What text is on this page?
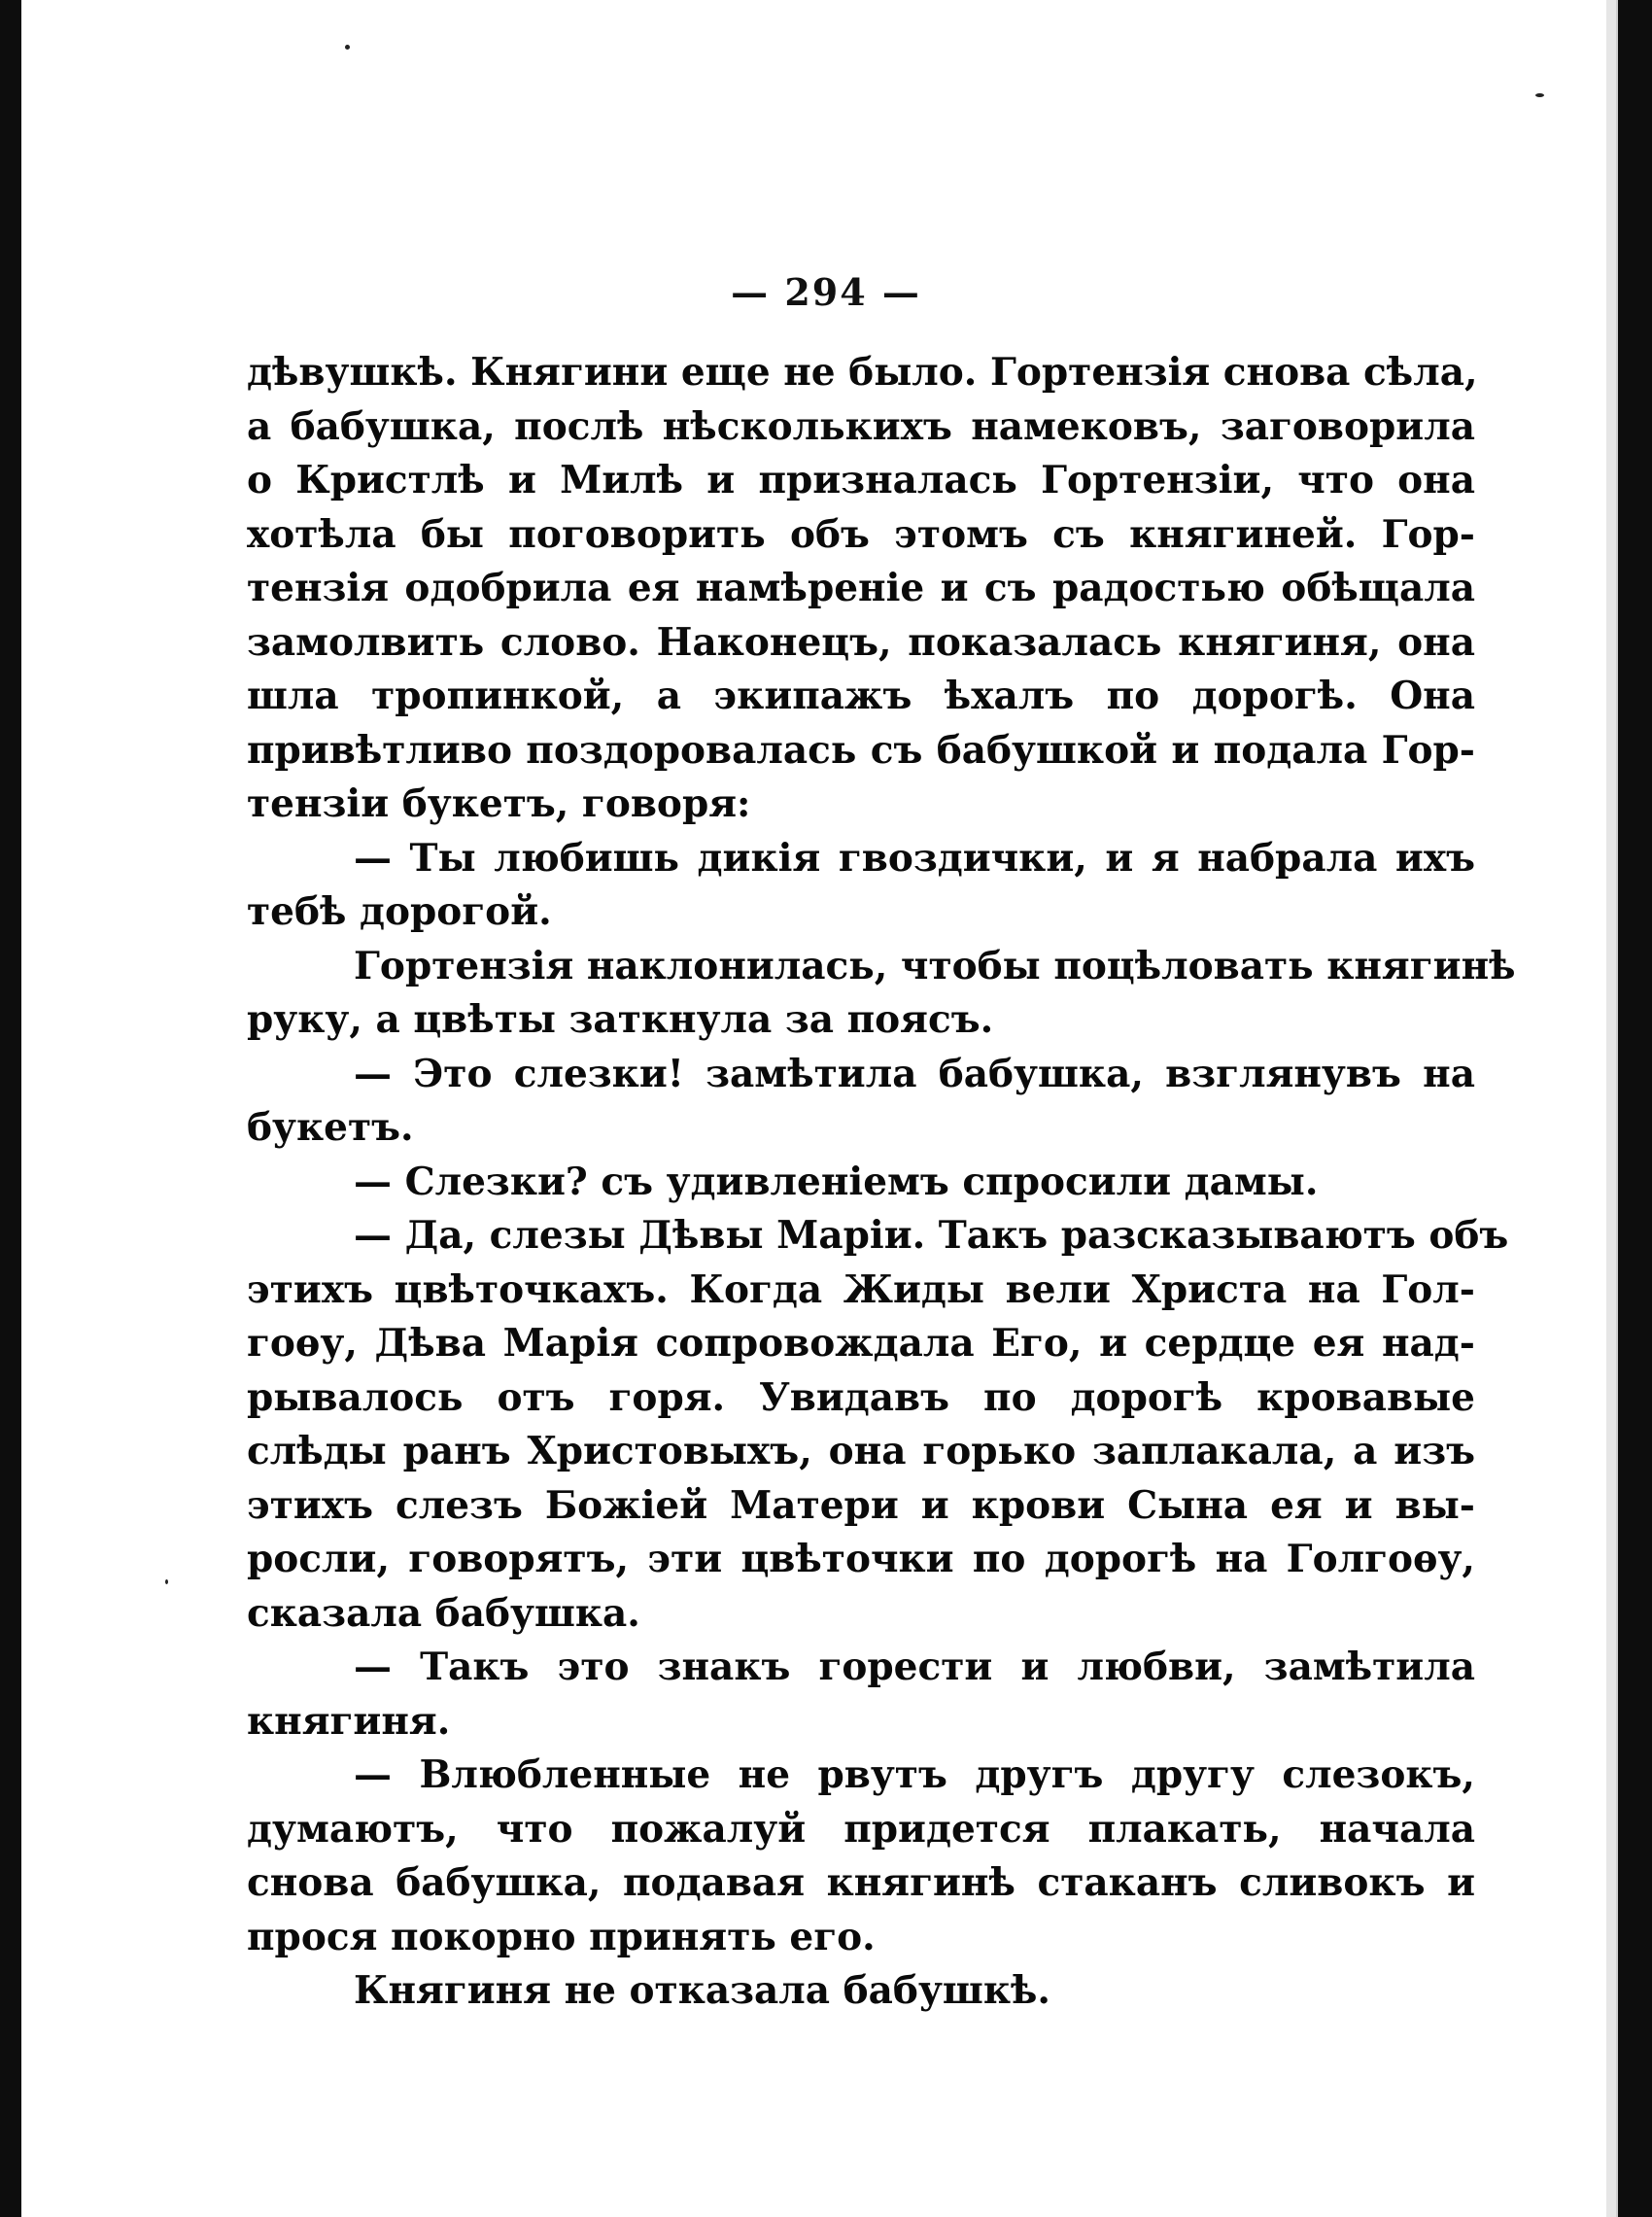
— 294 —
дѣвушкѣ. Княгини еще не было. Гортензія снова сѣла,
а бабушка, послѣ нѣсколькихъ намековъ, заговорила
о Кристлѣ и Милѣ и призналась Гортензіи, что она
хотѣла бы поговорить объ этомъ съ княгиней. Гор-
тензія одобрила ея намѣреніе и съ радостью обѣщала
замолвить слово. Наконецъ, показалась княгиня, она
шла тропинкой, а экипажъ ѣхалъ по дорогѣ. Она
привѣтливо поздоровалась съ бабушкой и подала Гор-
тензіи букетъ, говоря:
— Ты любишь дикія гвоздички, и я набрала ихъ
тебѣ дорогой.
Гортензія наклонилась, чтобы поцѣловать княгинѣ
руку, а цвѣты заткнула за поясъ.
— Это слезки! замѣтила бабушка, взглянувъ на
букетъ.
— Слезки? съ удивленіемъ спросили дамы.
— Да, слезы Дѣвы Маріи. Такъ разсказываютъ объ
этихъ цвѣточкахъ. Когда Жиды вели Христа на Гол-
гоѳу, Дѣва Марія сопровождала Его, и сердце ея над-
рывалось отъ горя. Увидавъ по дорогѣ кровавые
слѣды ранъ Христовыхъ, она горько заплакала, а изъ
этихъ слезъ Божіей Матери и крови Сына ея и вы-
росли, говорятъ, эти цвѣточки по дорогѣ на Голгоѳу,
сказала бабушка.
— Такъ это знакъ горести и любви, замѣтила
княгиня.
— Влюбленные не рвутъ другъ другу слезокъ,
думаютъ, что пожалуй придется плакать, начала
снова бабушка, подавая княгинѣ стаканъ сливокъ и
прося покорно принять его.
Княгиня не отказала бабушкѣ.
